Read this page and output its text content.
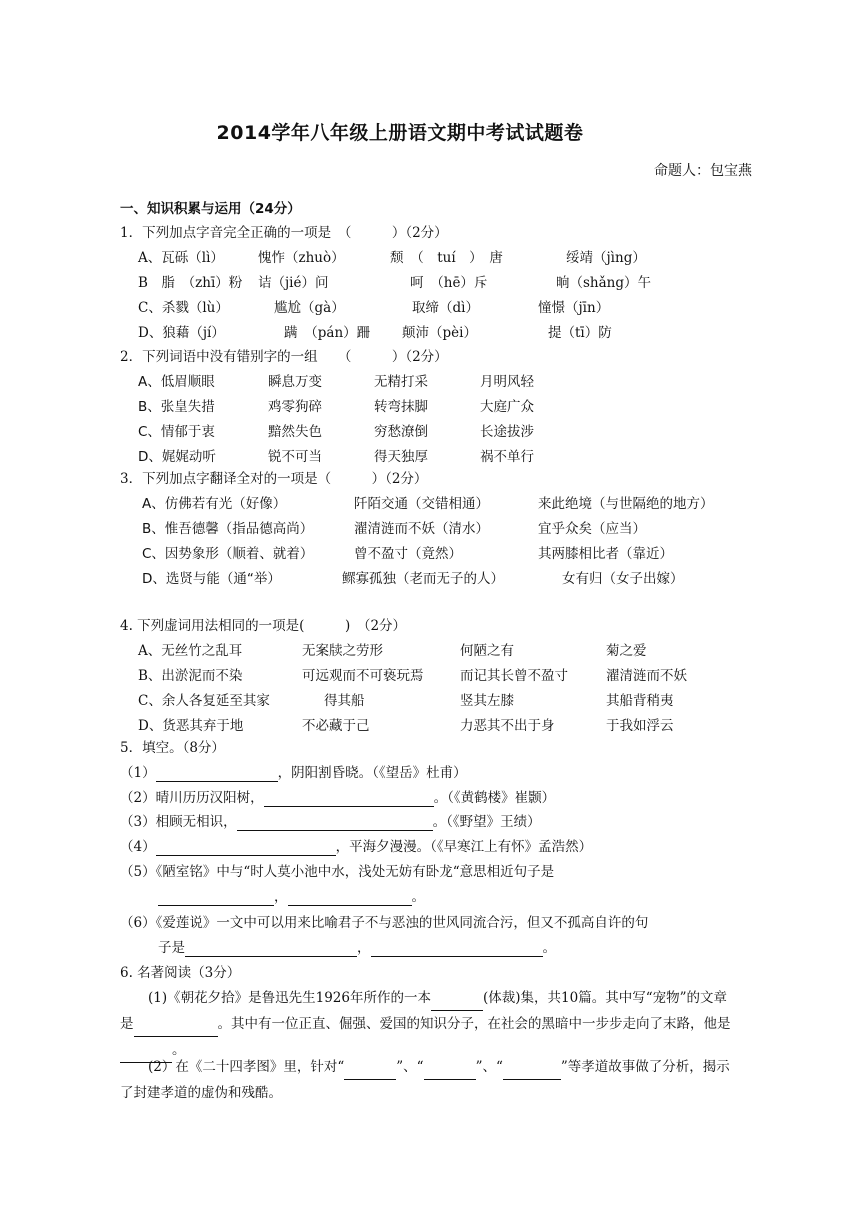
2014学年八年级上册语文期中考试试题卷
命题人：包宝燕
一、知识积累与运用（24分）
1．下列加点字音完全正确的一项是　（　　　）（2分）
A、瓦砾（lì）	愧怍（zhuò）	颓　（　tuí　）　唐	绥靖（jìng）
B　脂　（zhī）粉 诘（jié）问	呵　（hē）斥	晌（shǎng）午
C、杀戮（lù）	尴尬（gà）	取缔（dì）	憧憬（jīn）
D、狼藉（jí）	蹒　（pán）跚 颠沛（pèi）	提（tī）防
2．下列词语中没有错别字的一组　　（　　　）（2分）
A、低眉顺眼	瞬息万变	无精打采	月明风轻
B、张皇失措	鸡零狗碎	转弯抹脚	大庭广众
C、情郁于衷	黯然失色	穷愁潦倒	长途拔涉
D、娓娓动听	锐不可当	得天独厚	祸不单行
3．下列加点字翻译全对的一项是（　　　）（2分）
A、仿佛若有光（好像）	阡陌交通（交错相通）	来此绝境（与世隔绝的地方）
B、惟吾德馨（指品德高尚）	濯清涟而不妖（清水）	宜乎众矣（应当）
C、因势象形（顺着、就着）	曾不盈寸（竟然）	其两膝相比者（靠近）
D、选贤与能（通“举）	鳏寡孤独（老而无子的人）	女有归（女子出嫁）
4. 下列虚词用法相同的一项是(　　　)　（2分）
A、无丝竹之乱耳	无案牍之劳形	何陋之有	菊之爱
B、出淤泥而不染	可远观而不可亵玩焉	而记其长曾不盈寸	濯清涟而不妖
C、余人各复延至其家	得其船	竖其左膝	其船背稍夷
D、货恶其弃于地	不必藏于己	力恶其不出于身	于我如浮云
5．填空。（8分）
（1）	，阴阳割昏晓。（《望岳》杜甫）
（2）晴川历历汉阳树，	。（《黄鹤楼》崔颢）
（3）相顾无相识，	。（《野望》王绩）
（4）	，平海夕漫漫。（《早寒江上有怀》孟浩然）
（5）《陋室铭》中与“时人莫小池中水，浅处无妨有卧龙“意思相近句子是
，	。
（6）《爱莲说》一文中可以用来比喻君子不与恶浊的世风同流合污，但又不孤高自许的句
子是	，	。
6. 名著阅读（3分）
(1)《朝花夕拾》是鲁迅先生1926年所作的一本	(体裁)集，共10篇。其中写“宠物”的文章是	。其中有一位正直、倔强、爱国的知识分子，在社会的黑暗中一步步走向了末路，他是。
(2）在《二十四孝图》里，针对“	”、“	”、“	”等孝道故事做了分析，揭示了封建孝道的虚伪和残酷。
